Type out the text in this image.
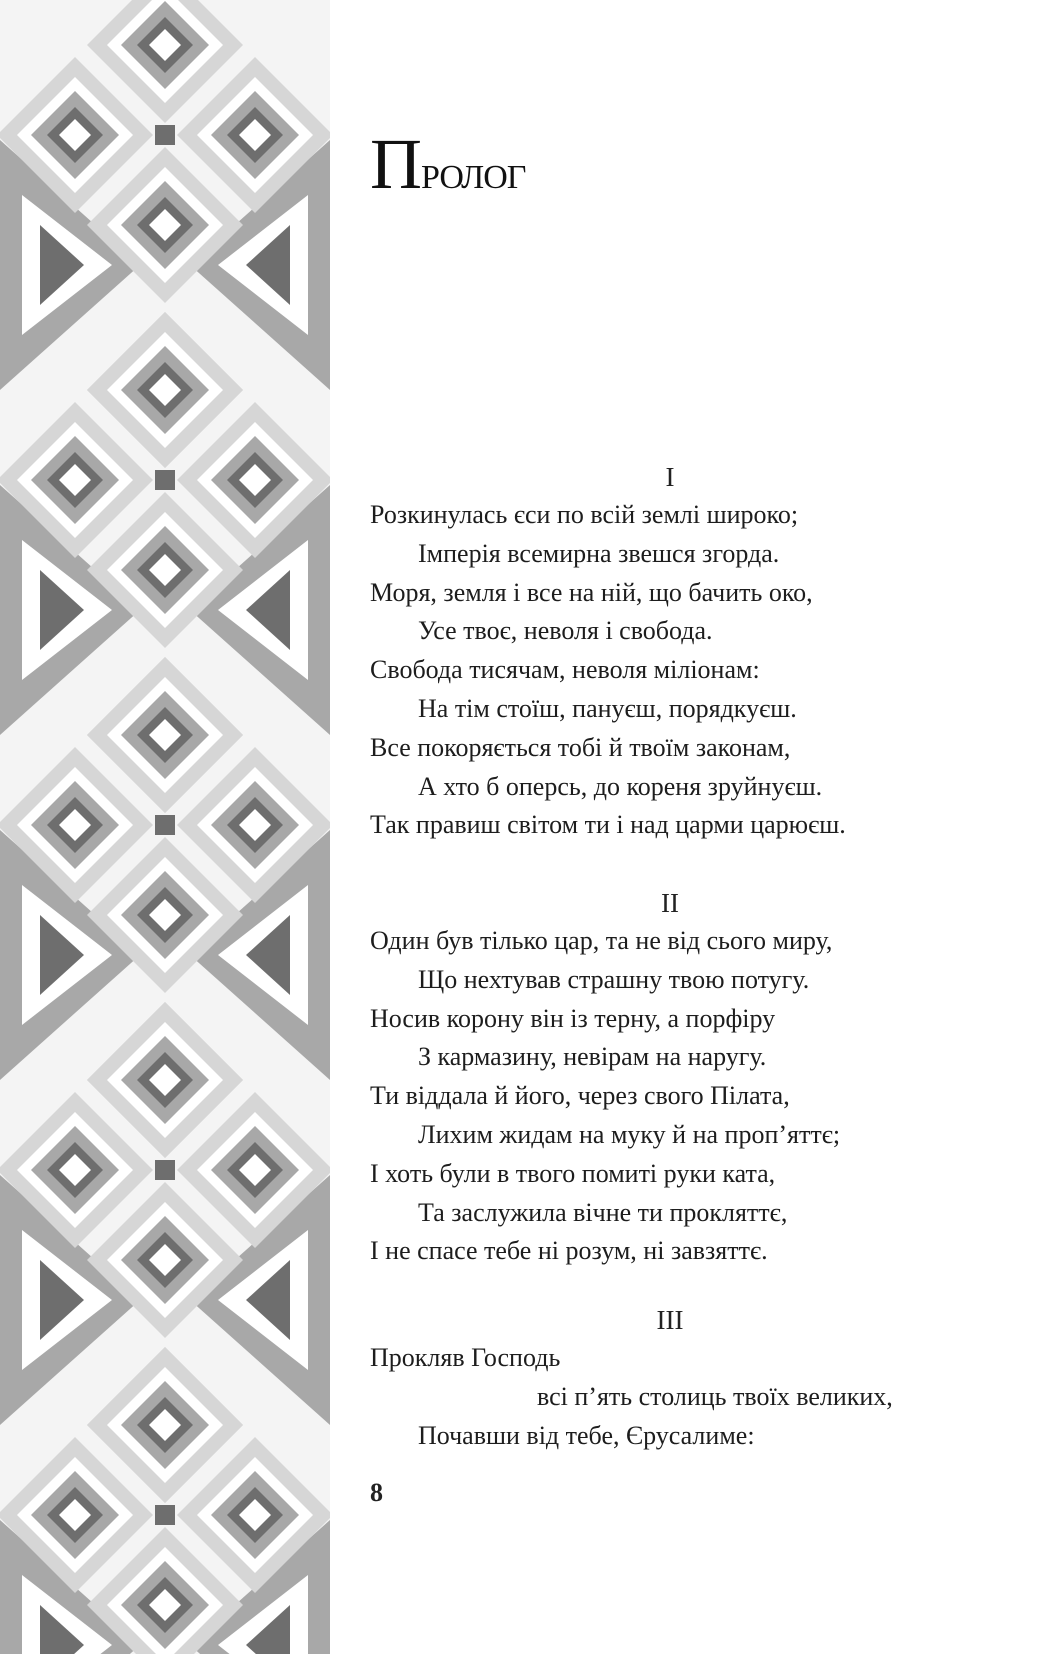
Пролог
I
Розкинулась єси по всій землі широко;
Імперія всемирна звешся згорда.
Моря, земля і все на ній, що бачить око,
Усе твоє, неволя і свобода.
Свобода тисячам, неволя міліонам:
На тім стоїш, пануєш, порядкуєш.
Все покоряється тобі й твоїм законам,
А хто б оперсь, до кореня зруйнуєш.
Так правиш світом ти і над царми царюєш.
II
Один був тілько цар, та не від сього миру,
Що нехтував страшну твою потугу.
Носив корону він із терну, а порфіру
З кармазину, невірам на наругу.
Ти віддала й його, через свого Пілата,
Лихим жидам на муку й на проп’яттє;
І хоть були в твого помиті руки ката,
Та заслужила вічне ти прокляттє,
І не спасе тебе ні розум, ні завзяттє.
III
Прокляв Господь
всі п’ять столиць твоїх великих,
Почавши від тебе, Єрусалиме:
8
